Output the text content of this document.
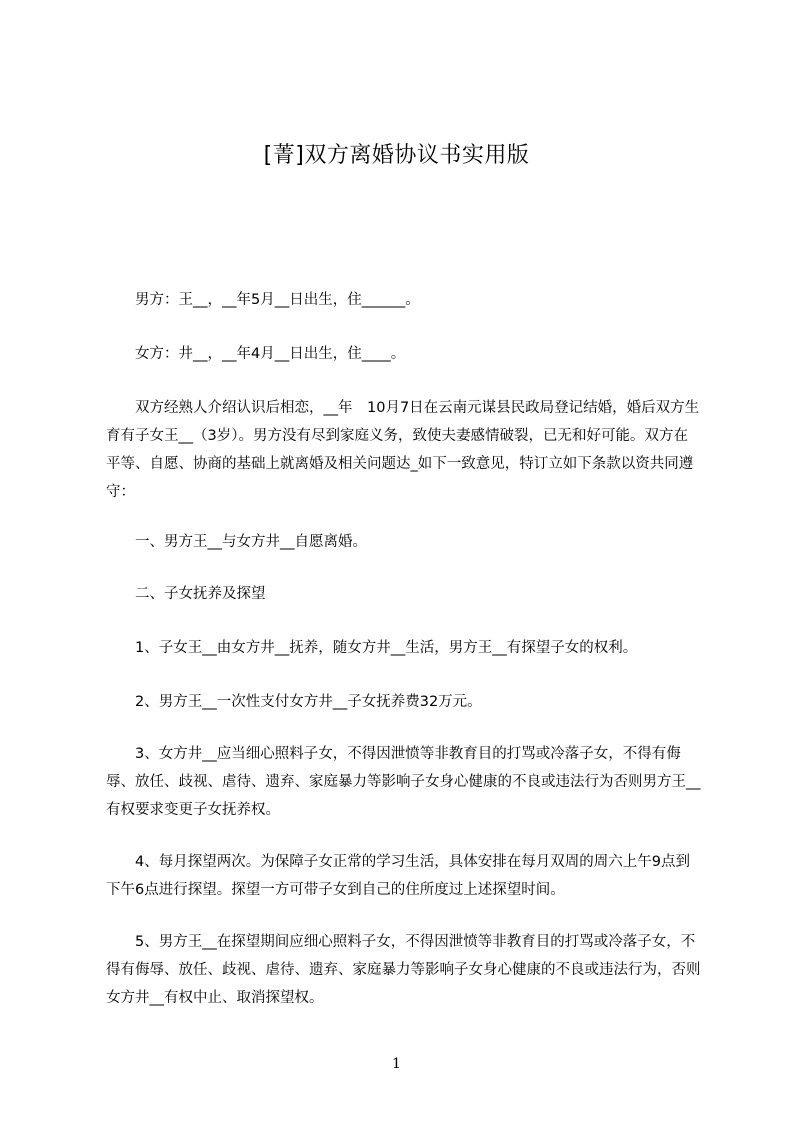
[菁]双方离婚协议书实用版
男方：王__，__年5月__日出生，住______。
女方：井__，__年4月__日出生，住____。
双方经熟人介绍认识后相恋，__年　10月7日在云南元谋县民政局登记结婚，婚后双方生育有子女王__（3岁）。男方没有尽到家庭义务，致使夫妻感情破裂，已无和好可能。双方在平等、自愿、协商的基础上就离婚及相关问题达_如下一致意见，特订立如下条款以资共同遵守：
一、男方王__与女方井__自愿离婚。
二、子女抚养及探望
1、子女王__由女方井__抚养，随女方井__生活，男方王__有探望子女的权利。
2、男方王__一次性支付女方井__子女抚养费32万元。
3、女方井__应当细心照料子女，不得因泄愤等非教育目的打骂或冷落子女，不得有侮辱、放任、歧视、虐待、遗弃、家庭暴力等影响子女身心健康的不良或违法行为否则男方王__有权要求变更子女抚养权。
4、每月探望两次。为保障子女正常的学习生活，具体安排在每月双周的周六上午9点到下午6点进行探望。探望一方可带子女到自己的住所度过上述探望时间。
5、男方王__在探望期间应细心照料子女，不得因泄愤等非教育目的打骂或冷落子女，不得有侮辱、放任、歧视、虐待、遗弃、家庭暴力等影响子女身心健康的不良或违法行为，否则女方井__有权中止、取消探望权。
1
